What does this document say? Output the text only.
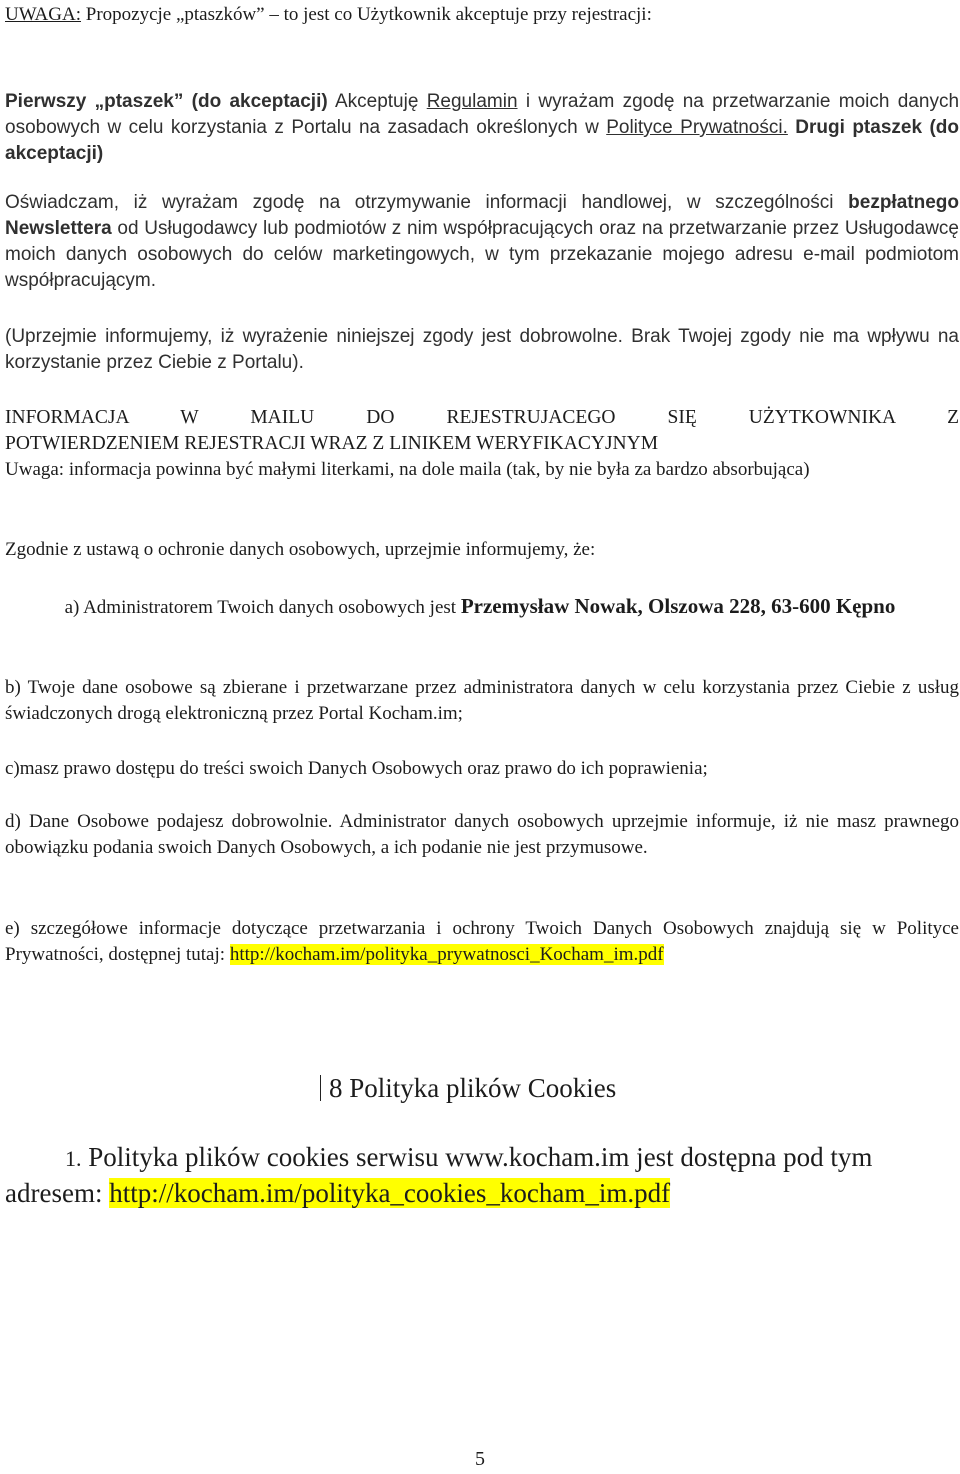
UWAGA: Propozycje „ptaszków” – to jest co Użytkownik akceptuje przy rejestracji:
Pierwszy „ptaszek” (do akceptacji) Akceptuję Regulamin i wyrażam zgodę na przetwarzanie moich danych osobowych w celu korzystania z Portalu na zasadach określonych w Polityce Prywatności. Drugi ptaszek (do akceptacji)
Oświadczam, iż wyrażam zgodę na otrzymywanie informacji handlowej, w szczególności bezpłatnego Newslettera od Usługodawcy lub podmiotów z nim współpracujących oraz na przetwarzanie przez Usługodawcę moich danych osobowych do celów marketingowych, w tym przekazanie mojego adresu e-mail podmiotom współpracującym.
(Uprzejmie informujemy, iż wyrażenie niniejszej zgody jest dobrowolne. Brak Twojej zgody nie ma wpływu na korzystanie przez Ciebie z Portalu).
INFORMACJA W MAILU DO REJESTRUJACEGO SIĘ UŻYTKOWNIKA Z
POTWIERDZENIEM REJESTRACJI WRAZ Z LINIKEM WERYFIKACYJNYM
Uwaga: informacja powinna być małymi literkami, na dole maila (tak, by nie była za bardzo absorbująca)
Zgodnie z ustawą o ochronie danych osobowych, uprzejmie informujemy, że:
a) Administratorem Twoich danych osobowych jest Przemysław Nowak, Olszowa 228, 63-600 Kępno
b) Twoje dane osobowe są zbierane i przetwarzane przez administratora danych w celu korzystania przez Ciebie z usług świadczonych drogą elektroniczną przez Portal Kocham.im;
c)masz prawo dostępu do treści swoich Danych Osobowych oraz prawo do ich poprawienia;
d) Dane Osobowe podajesz dobrowolnie. Administrator danych osobowych uprzejmie informuje, iż nie masz prawnego obowiązku podania swoich Danych Osobowych, a ich podanie nie jest przymusowe.
e) szczegółowe informacje dotyczące przetwarzania i ochrony Twoich Danych Osobowych znajdują się w Polityce Prywatności, dostępnej tutaj: http://kocham.im/polityka_prywatnosci_Kocham_im.pdf
8 Polityka plików Cookies
1. Polityka plików cookies serwisu www.kocham.im jest dostępna pod tym adresem: http://kocham.im/polityka_cookies_kocham_im.pdf
5
